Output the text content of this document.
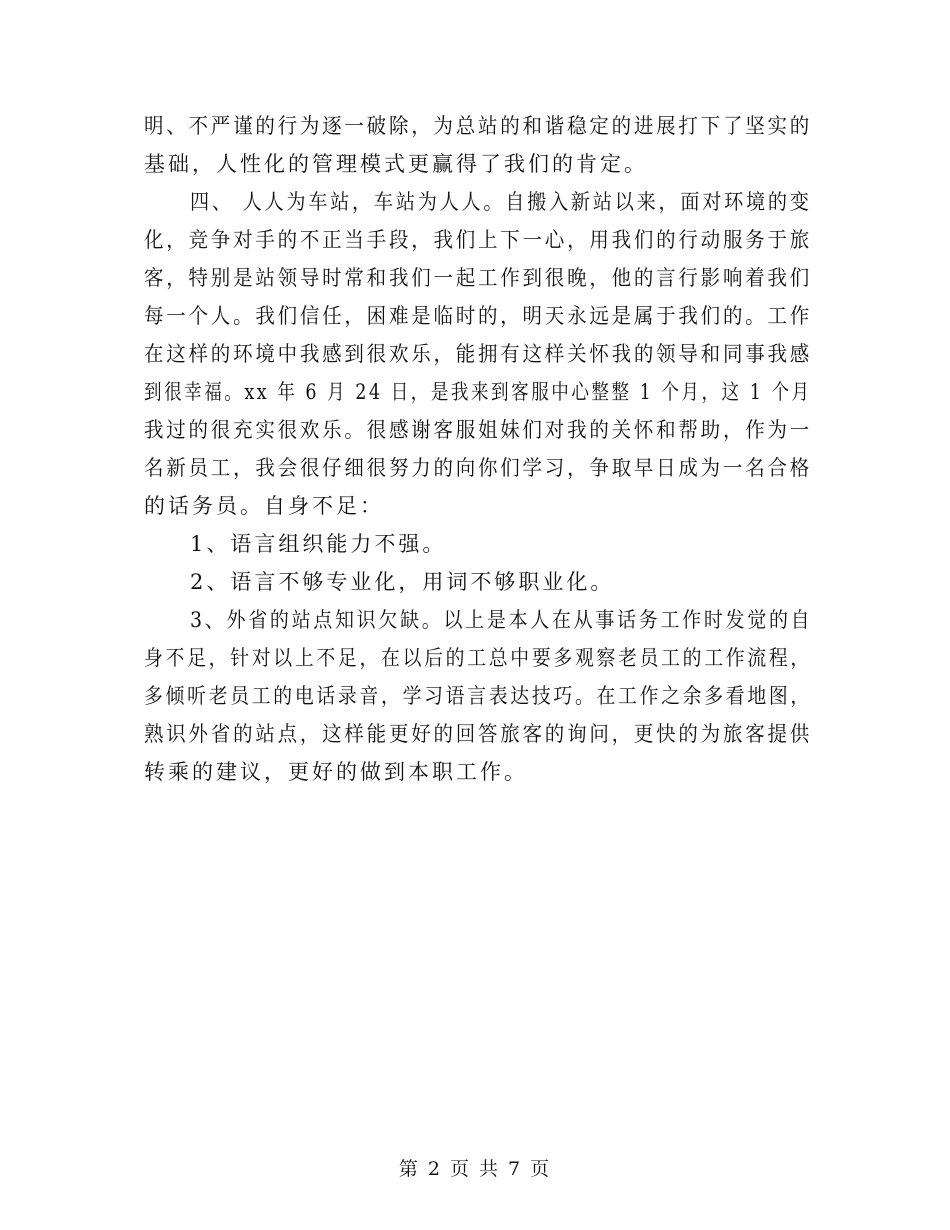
明、不严谨的行为逐一破除，为总站的和谐稳定的进展打下了坚实的
基础，人性化的管理模式更赢得了我们的肯定。
四、 人人为车站，车站为人人。自搬入新站以来，面对环境的变
化，竞争对手的不正当手段，我们上下一心，用我们的行动服务于旅
客，特别是站领导时常和我们一起工作到很晚，他的言行影响着我们
每一个人。我们信任，困难是临时的，明天永远是属于我们的。工作
在这样的环境中我感到很欢乐，能拥有这样关怀我的领导和同事我感
到很幸福。xx 年 6 月 24 日，是我来到客服中心整整 1 个月，这 1 个月
我过的很充实很欢乐。很感谢客服姐妹们对我的关怀和帮助，作为一
名新员工，我会很仔细很努力的向你们学习，争取早日成为一名合格
的话务员。自身不足：
1、语言组织能力不强。
2、语言不够专业化，用词不够职业化。
3、外省的站点知识欠缺。以上是本人在从事话务工作时发觉的自
身不足，针对以上不足，在以后的工总中要多观察老员工的工作流程，
多倾听老员工的电话录音，学习语言表达技巧。在工作之余多看地图，
熟识外省的站点，这样能更好的回答旅客的询问，更快的为旅客提供
转乘的建议，更好的做到本职工作。
第 2 页 共 7 页
